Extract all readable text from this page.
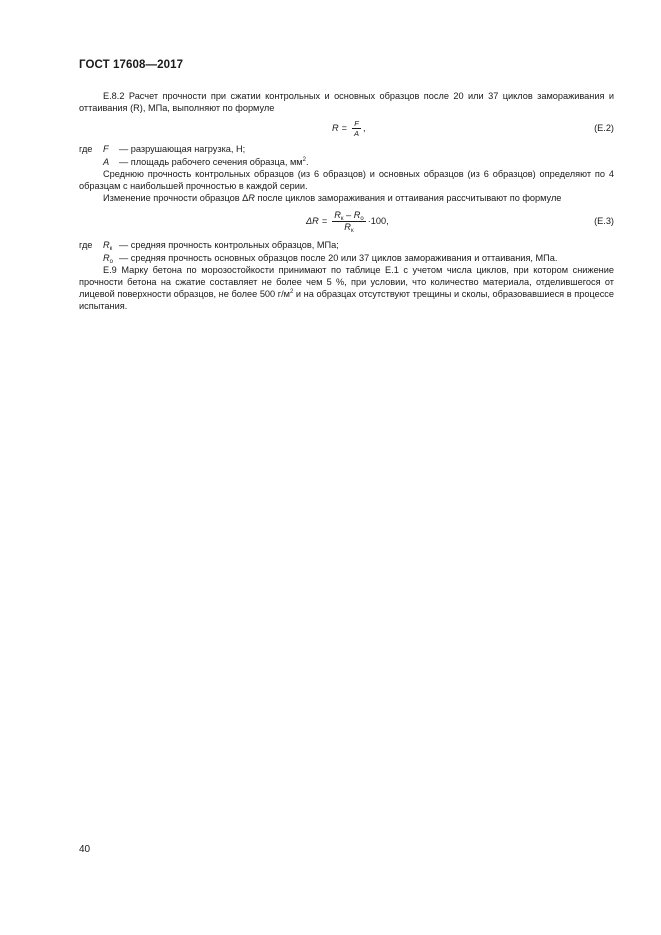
ГОСТ 17608—2017

Е.8.2 Расчет прочности при сжатии контрольных и основных образцов после 20 или 37 циклов замораживания и оттаивания (R), МПа, выполняют по формуле

$R = \frac{F}{A}$ ,	(Е.2)
где	F	— разрушающая нагрузка, Н;
A	— площадь рабочего сечения образца, $мм^2$.

Среднюю прочность контрольных образцов (из 6 образцов) и основных образцов (из 6 образцов) определяют по 4 образцам с наибольшей прочностью в каждой серии.

Изменение прочности образцов ΔR после циклов замораживания и оттаивания рассчитывают по формуле

$\Delta R = \frac{R_к - R_о}{R_к} \cdot 100$,	(Е.3)
где	$R_к$ — средняя прочность контрольных образцов, МПа;
$R_о$ — средняя прочность основных образцов после 20 или 37 циклов замораживания и оттаивания, МПа.

Е.9 Марку бетона по морозостойкости принимают по таблице Е.1 с учетом числа циклов, при котором снижение прочности бетона на сжатие составляет не более чем 5 %, при условии, что количество материала, отделившегося от лицевой поверхности образцов, не более 500 $г/м^2$ и на образцах отсутствуют трещины и сколы, образовавшиеся в процессе испытания.

40
